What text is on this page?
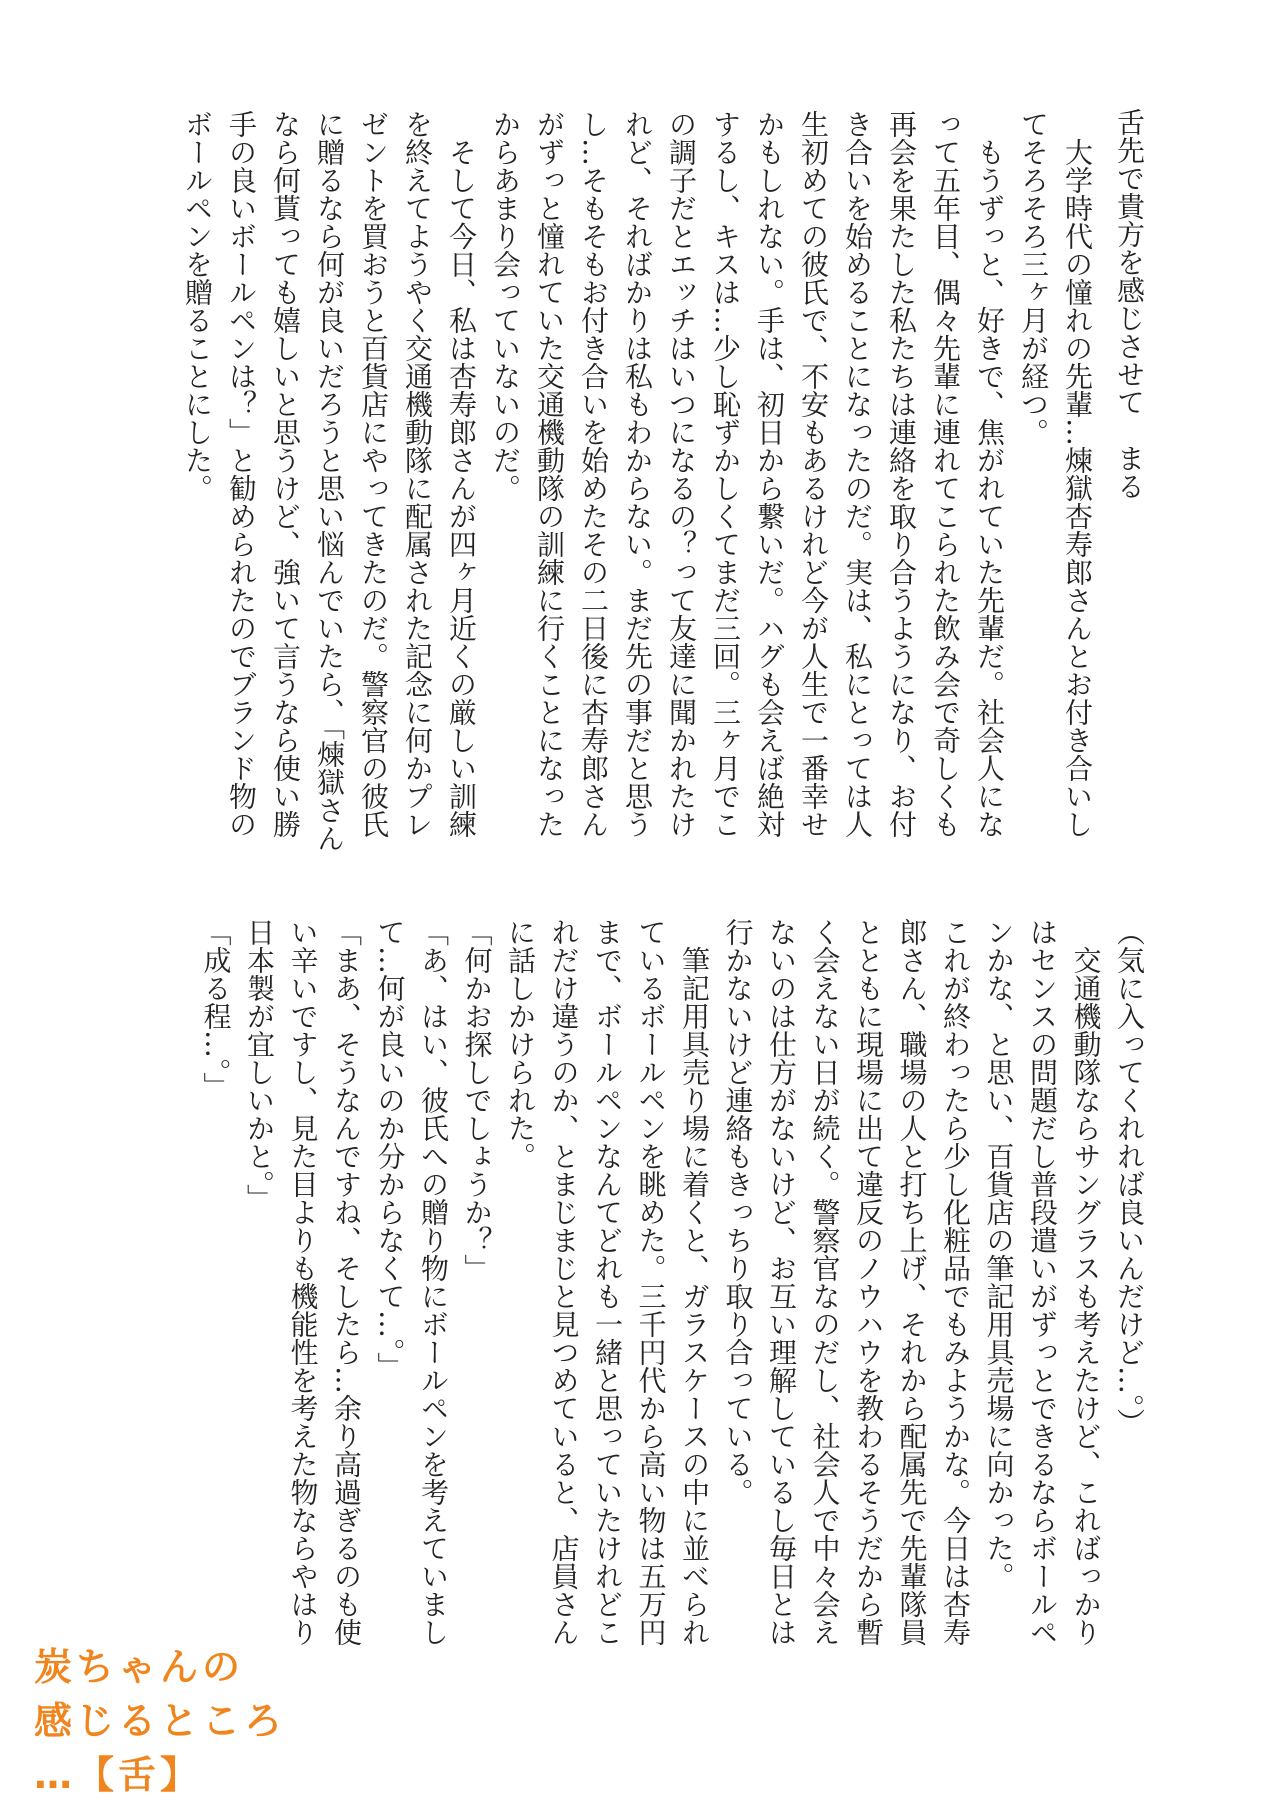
舌先で貴方を感じさせて　まる
　大学時代の憧れの先輩…煉獄杏寿郎さんとお付き合いし
てそろそろ三ヶ月が経つ。
　もうずっと、好きで、焦がれていた先輩だ。社会人にな
って五年目、偶々先輩に連れてこられた飲み会で奇しくも
再会を果たした私たちは連絡を取り合うようになり、お付
き合いを始めることになったのだ。実は、私にとっては人
生初めての彼氏で、不安もあるけれど今が人生で一番幸せ
かもしれない。手は、初日から繋いだ。ハグも会えば絶対
するし、キスは…少し恥ずかしくてまだ三回。三ヶ月でこ
の調子だとエッチはいつになるの？って友達に聞かれたけ
れど、そればかりは私もわからない。まだ先の事だと思う
し…そもそもお付き合いを始めたその二日後に杏寿郎さん
がずっと憧れていた交通機動隊の訓練に行くことになった
からあまり会っていないのだ。
　そして今日、私は杏寿郎さんが四ヶ月近くの厳しい訓練
を終えてようやく交通機動隊に配属された記念に何かプレ
ゼントを買おうと百貨店にやってきたのだ。警察官の彼氏
に贈るなら何が良いだろうと思い悩んでいたら、「煉獄さん
なら何貰っても嬉しいと思うけど、強いて言うなら使い勝
手の良いボールペンは？」と勧められたのでブランド物の
ボールペンを贈ることにした。
（気に入ってくれれば良いんだけど…。）
　交通機動隊ならサングラスも考えたけど、こればっかり
はセンスの問題だし普段遣いがずっとできるならボールペ
ンかな、と思い、百貨店の筆記用具売場に向かった。
これが終わったら少し化粧品でもみようかな。今日は杏寿
郎さん、職場の人と打ち上げ、それから配属先で先輩隊員
とともに現場に出て違反のノウハウを教わるそうだから暫
く会えない日が続く。警察官なのだし、社会人で中々会え
ないのは仕方がないけど、お互い理解しているし毎日とは
行かないけど連絡もきっちり取り合っている。
　筆記用具売り場に着くと、ガラスケースの中に並べられ
ているボールペンを眺めた。三千円代から高い物は五万円
まで、ボールペンなんてどれも一緒と思っていたけれどこ
れだけ違うのか、とまじまじと見つめていると、店員さん
に話しかけられた。
「何かお探しでしょうか？」
「あ、はい、彼氏への贈り物にボールペンを考えていまし
て…何が良いのか分からなくて…。」
「まあ、そうなんですね、そしたら…余り高過ぎるのも使
い辛いですし、見た目よりも機能性を考えた物ならやはり
日本製が宜しいかと。」
「成る程…。」
炭ちゃんの
感じるところ
…【舌】
